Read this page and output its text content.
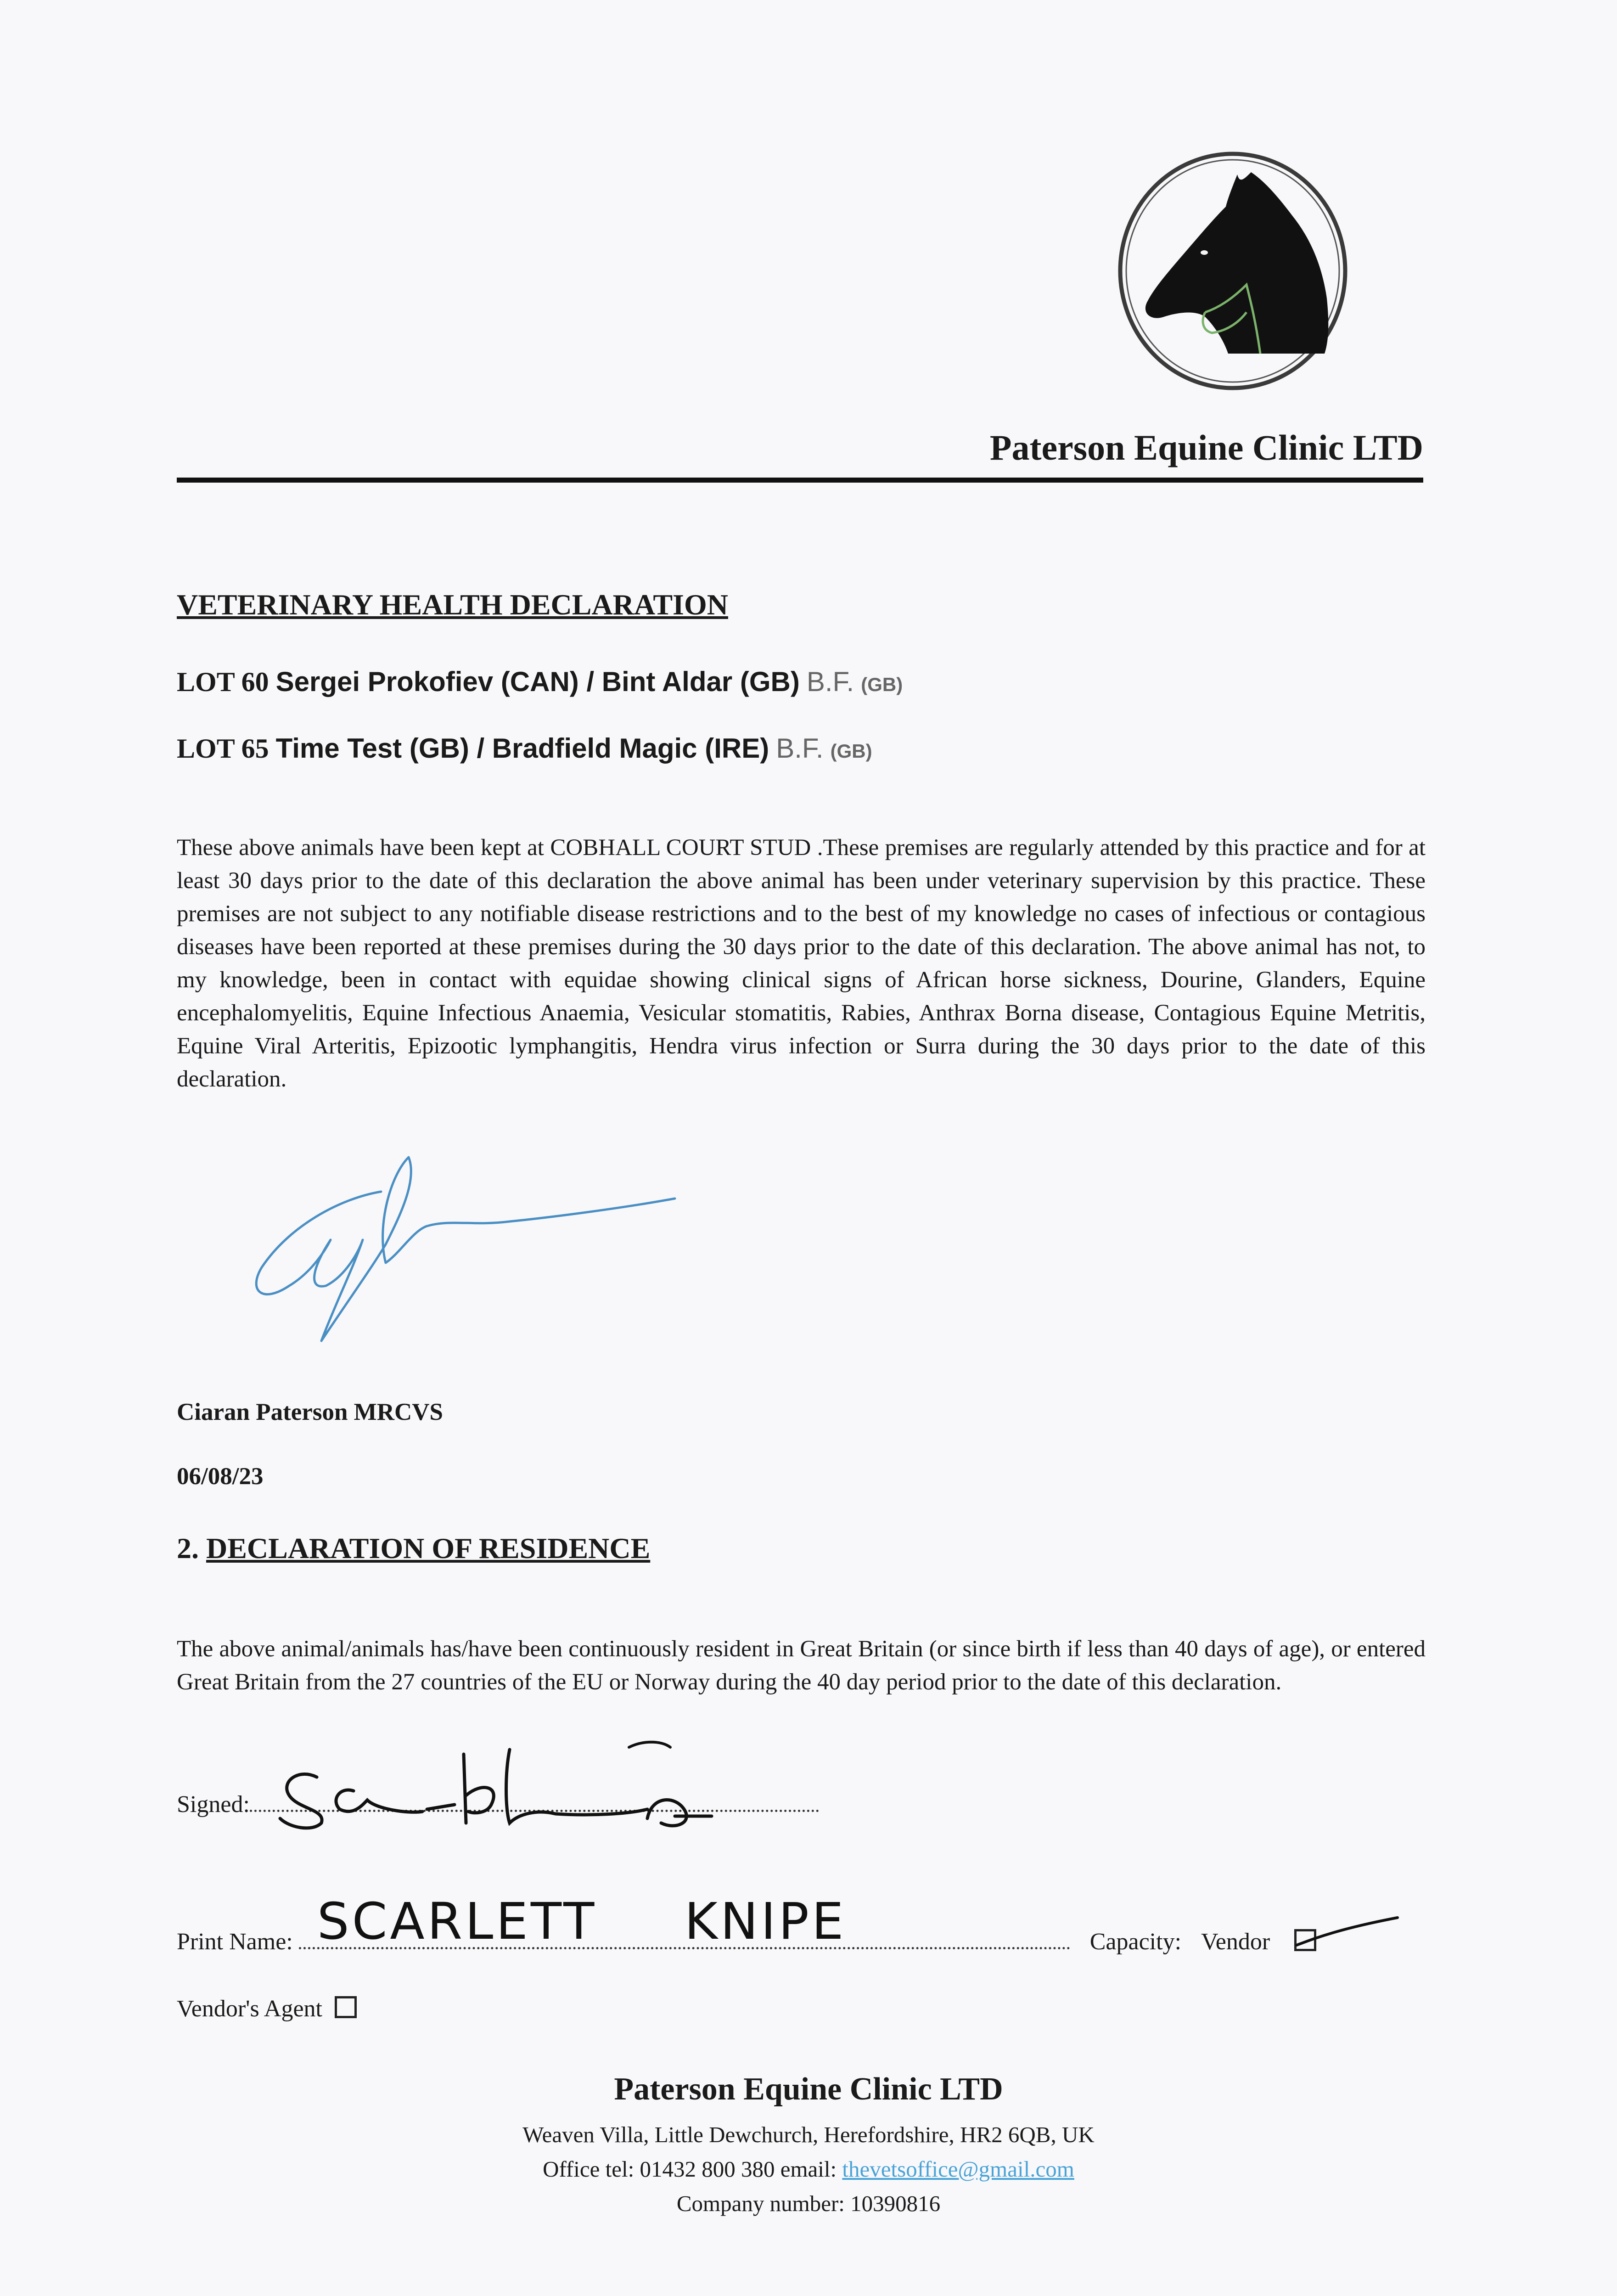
Paterson Equine Clinic LTD
VETERINARY HEALTH DECLARATION
LOT 60 Sergei Prokofiev (CAN) / Bint Aldar (GB) B.F. (GB)
LOT 65 Time Test (GB) / Bradfield Magic (IRE) B.F. (GB)
These above animals have been kept at COBHALL COURT STUD .These premises are regularly attended by this practice and for at least 30 days prior to the date of this declaration the above animal has been under veterinary supervision by this practice. These premises are not subject to any notifiable disease restrictions and to the best of my knowledge no cases of infectious or contagious diseases have been reported at these premises during the 30 days prior to the date of this declaration. The above animal has not, to my knowledge, been in contact with equidae showing clinical signs of African horse sickness, Dourine, Glanders, Equine encephalomyelitis, Equine Infectious Anaemia, Vesicular stomatitis, Rabies, Anthrax Borna disease, Contagious Equine Metritis, Equine Viral Arteritis, Epizootic lymphangitis, Hendra virus infection or Surra during the 30 days prior to the date of this declaration.
Ciaran Paterson MRCVS
06/08/23
2. DECLARATION OF RESIDENCE
The above animal/animals has/have been continuously resident in Great Britain (or since birth if less than 40 days of age), or entered Great Britain from the 27 countries of the EU or Norway during the 40 day period prior to the date of this declaration.
Signed:
Print Name: SCARLETT KNIPE	Capacity: Vendor
Vendor's Agent
Paterson Equine Clinic LTD
Weaven Villa, Little Dewchurch, Herefordshire, HR2 6QB, UK
Office tel: 01432 800 380 email: thevetsoffice@gmail.com
Company number: 10390816
